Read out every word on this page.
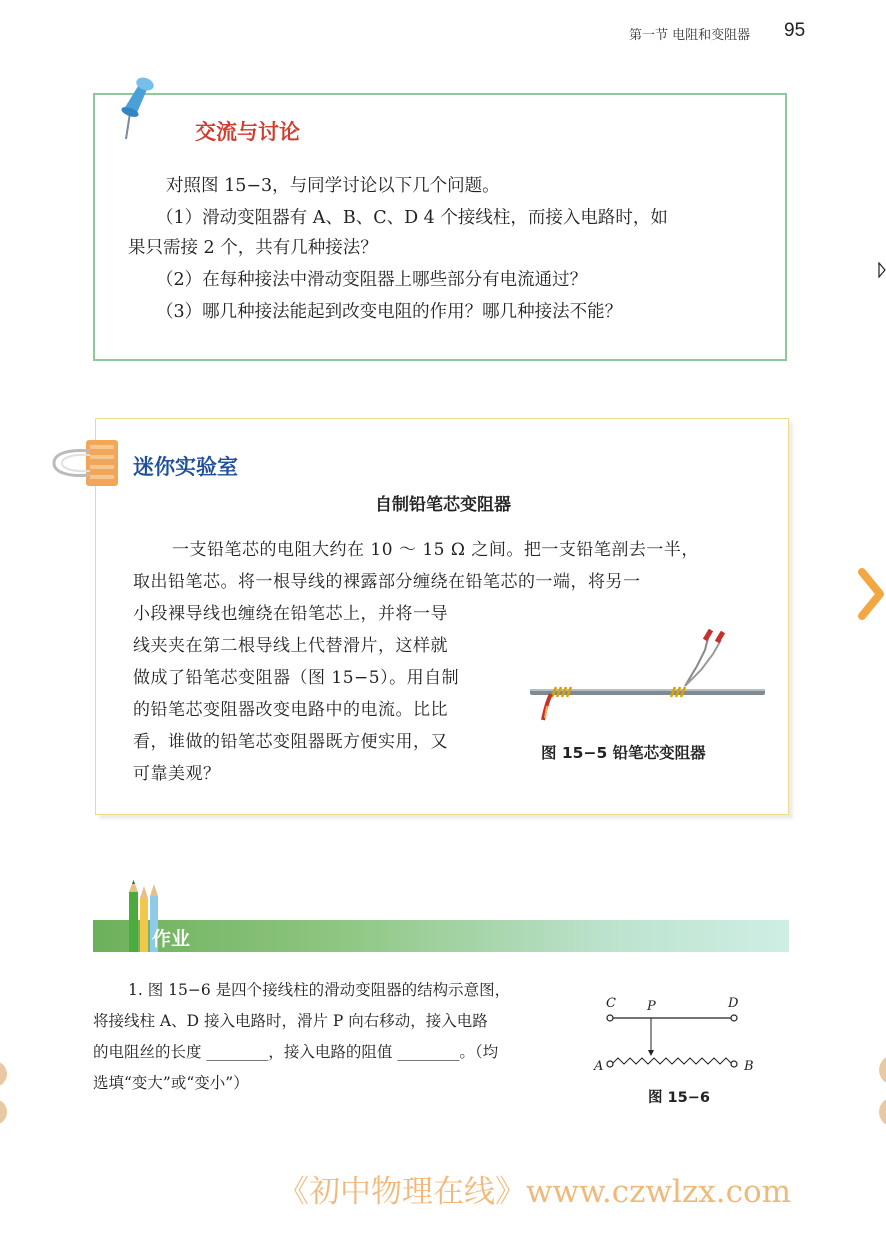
第一节 电阻和变阻器 95
交流与讨论
对照图 15−3，与同学讨论以下几个问题。
（1）滑动变阻器有 A、B、C、D 4 个接线柱，而接入电路时，如
果只需接 2 个，共有几种接法？
（2）在每种接法中滑动变阻器上哪些部分有电流通过？
（3）哪几种接法能起到改变电阻的作用？哪几种接法不能？
迷你实验室
自制铅笔芯变阻器
一支铅笔芯的电阻大约在 10 ～ 15 Ω 之间。把一支铅笔剖去一半，
取出铅笔芯。将一根导线的裸露部分缠绕在铅笔芯的一端，将另一
小段裸导线也缠绕在铅笔芯上，并将一导
线夹夹在第二根导线上代替滑片，这样就
做成了铅笔芯变阻器（图 15−5）。用自制
的铅笔芯变阻器改变电路中的电流。比比
看，谁做的铅笔芯变阻器既方便实用，又
可靠美观？
图 15−5 铅笔芯变阻器
作业
1. 图 15−6 是四个接线柱的滑动变阻器的结构示意图，
将接线柱 A、D 接入电路时，滑片 P 向右移动，接入电路
的电阻丝的长度 ________，接入电路的阻值 ________。（均
选填“变大”或“变小”）
C P	D
A	B
图 15−6
《初中物理在线》www.czwlzx.com
